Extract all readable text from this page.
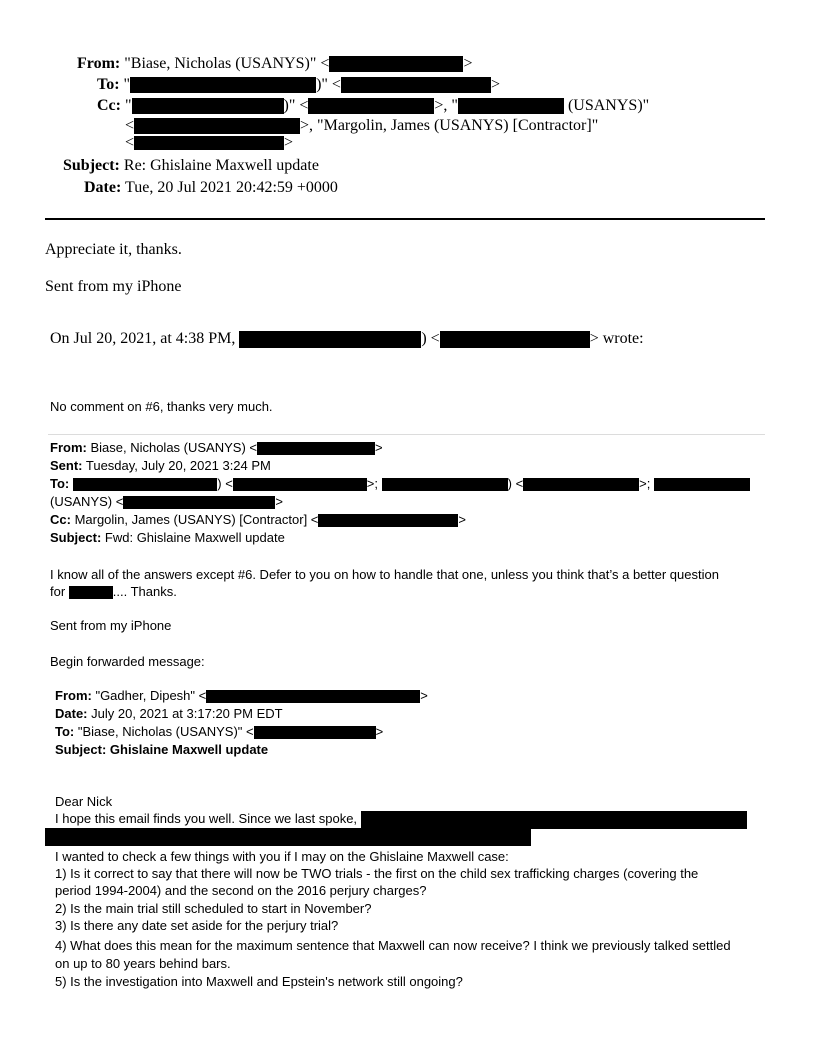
From: "Biase, Nicholas (USANYS)" <	>
To: "	)" <	>
Cc: "	)" <	>, "	(USANYS)"
<	>, "Margolin, James (USANYS) [Contractor]"
<	>
Subject: Re: Ghislaine Maxwell update
Date: Tue, 20 Jul 2021 20:42:59 +0000
Appreciate it, thanks.
Sent from my iPhone
On Jul 20, 2021, at 4:38 PM,	) <	> wrote:
No comment on #6, thanks very much.
From: Biase, Nicholas (USANYS) <	>
Sent: Tuesday, July 20, 2021 3:24 PM
To:	) <	>;	) <	>;
(USANYS) <	>
Cc: Margolin, James (USANYS) [Contractor] <	>
Subject: Fwd: Ghislaine Maxwell update
I know all of the answers except #6. Defer to you on how to handle that one, unless you think that’s a better question
for	.... Thanks.
Sent from my iPhone
Begin forwarded message:
From: "Gadher, Dipesh" <	>
Date: July 20, 2021 at 3:17:20 PM EDT
To: "Biase, Nicholas (USANYS)" <	>
Subject: Ghislaine Maxwell update
Dear Nick
I hope this email finds you well. Since we last spoke,
I wanted to check a few things with you if I may on the Ghislaine Maxwell case:
1) Is it correct to say that there will now be TWO trials - the first on the child sex trafficking charges (covering the
period 1994-2004) and the second on the 2016 perjury charges?
2) Is the main trial still scheduled to start in November?
3) Is there any date set aside for the perjury trial?
4) What does this mean for the maximum sentence that Maxwell can now receive? I think we previously talked settled
on up to 80 years behind bars.
5) Is the investigation into Maxwell and Epstein's network still ongoing?
